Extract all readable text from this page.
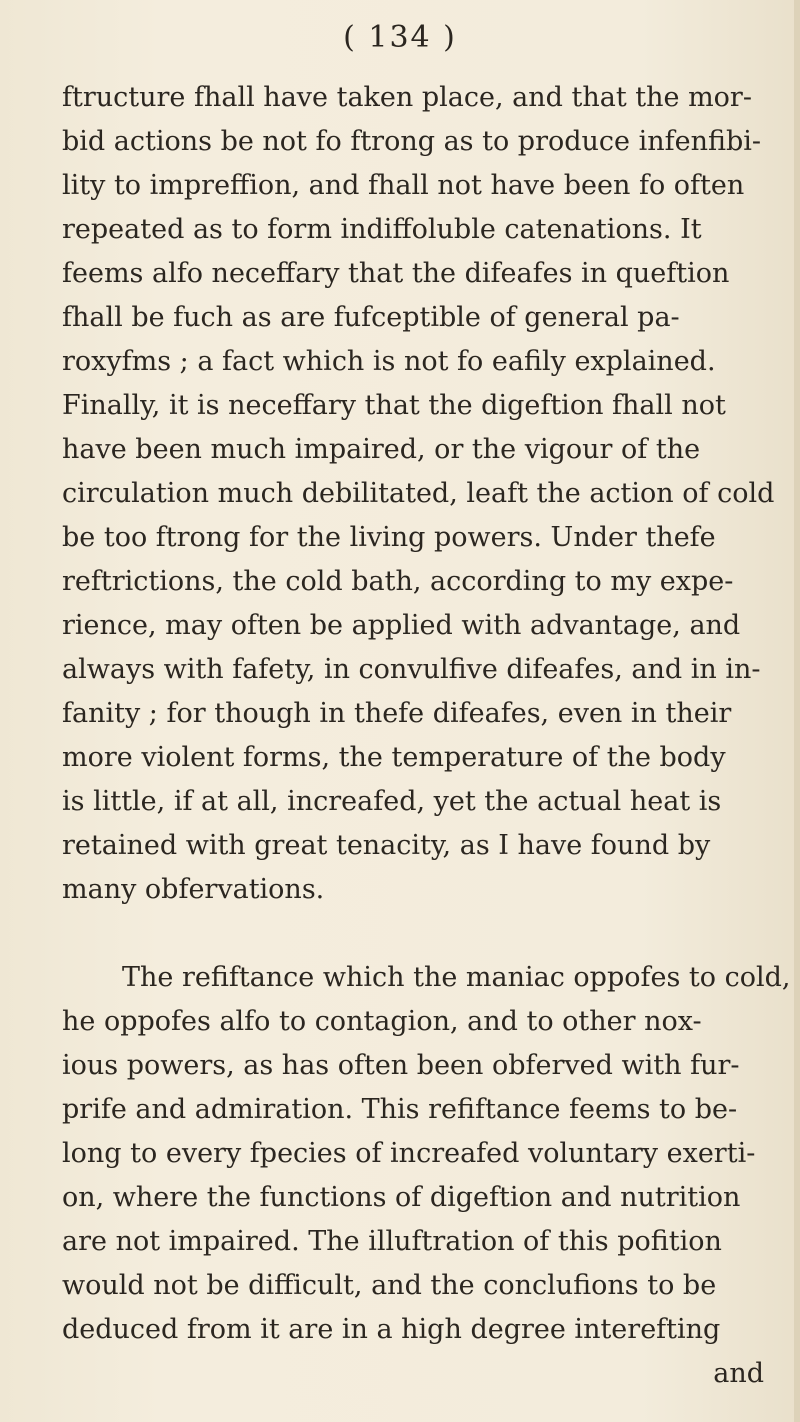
( 134 )
ftructure fhall have taken place, and that the mor-
bid actions be not fo ftrong as to produce infenfibi-
lity to impreffion, and fhall not have been fo often
repeated as to form indiffoluble catenations. It
feems alfo neceffary that the difeafes in queftion
fhall be fuch as are fufceptible of general pa-
roxyfms ; a fact which is not fo eafily explained.
Finally, it is neceffary that the digeftion fhall not
have been much impaired, or the vigour of the
circulation much debilitated, leaft the action of cold
be too ftrong for the living powers. Under thefe
reftrictions, the cold bath, according to my expe-
rience, may often be applied with advantage, and
always with fafety, in convulfive difeafes, and in in-
fanity ; for though in thefe difeafes, even in their
more violent forms, the temperature of the body
is little, if at all, increafed, yet the actual heat is
retained with great tenacity, as I have found by
many obfervations.
The refiftance which the maniac oppofes to cold,
he oppofes alfo to contagion, and to other nox-
ious powers, as has often been obferved with fur-
prife and admiration. This refiftance feems to be-
long to every fpecies of increafed voluntary exerti-
on, where the functions of digeftion and nutrition
are not impaired. The illuftration of this pofition
would not be difficult, and the conclufions to be
deduced from it are in a high degree interefting
and
